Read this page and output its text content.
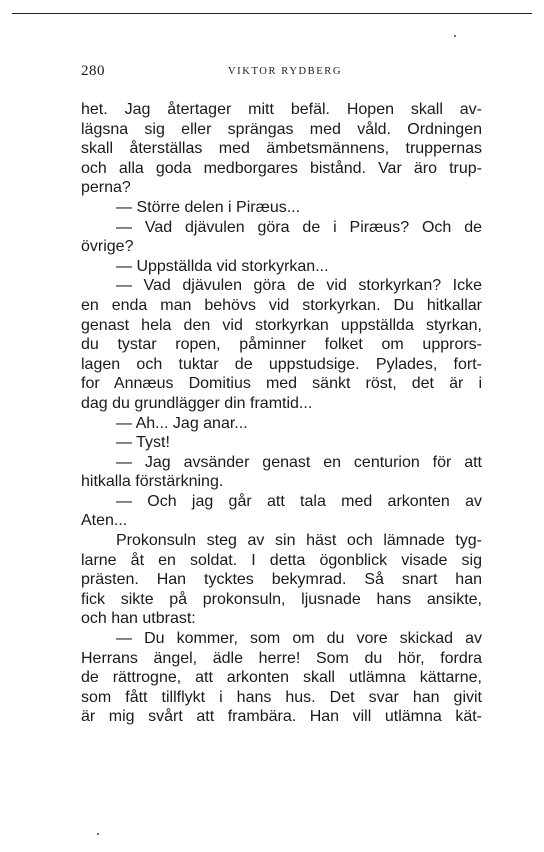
280	VIKTOR RYDBERG
het. Jag återtager mitt befäl. Hopen skall av-
lägsna sig eller sprängas med våld. Ordningen
skall återställas med ämbetsmännens, truppernas
och alla goda medborgares bistånd. Var äro trup-
perna?
— Större delen i Piræus...
— Vad djävulen göra de i Piræus? Och de
övrige?
— Uppställda vid storkyrkan...
— Vad djävulen göra de vid storkyrkan? Icke
en enda man behövs vid storkyrkan. Du hitkallar
genast hela den vid storkyrkan uppställda styrkan,
du tystar ropen, påminner folket om upprors-
lagen och tuktar de uppstudsige. Pylades, fort-
for Annæus Domitius med sänkt röst, det är i
dag du grundlägger din framtid...
— Ah... Jag anar...
— Tyst!
— Jag avsänder genast en centurion för att
hitkalla förstärkning.
— Och jag går att tala med arkonten av
Aten...
Prokonsuln steg av sin häst och lämnade tyg-
larne åt en soldat. I detta ögonblick visade sig
prästen. Han tycktes bekymrad. Så snart han
fick sikte på prokonsuln, ljusnade hans ansikte,
och han utbrast:
— Du kommer, som om du vore skickad av
Herrans ängel, ädle herre! Som du hör, fordra
de rättrogne, att arkonten skall utlämna kättarne,
som fått tillflykt i hans hus. Det svar han givit
är mig svårt att frambära. Han vill utlämna kät-
